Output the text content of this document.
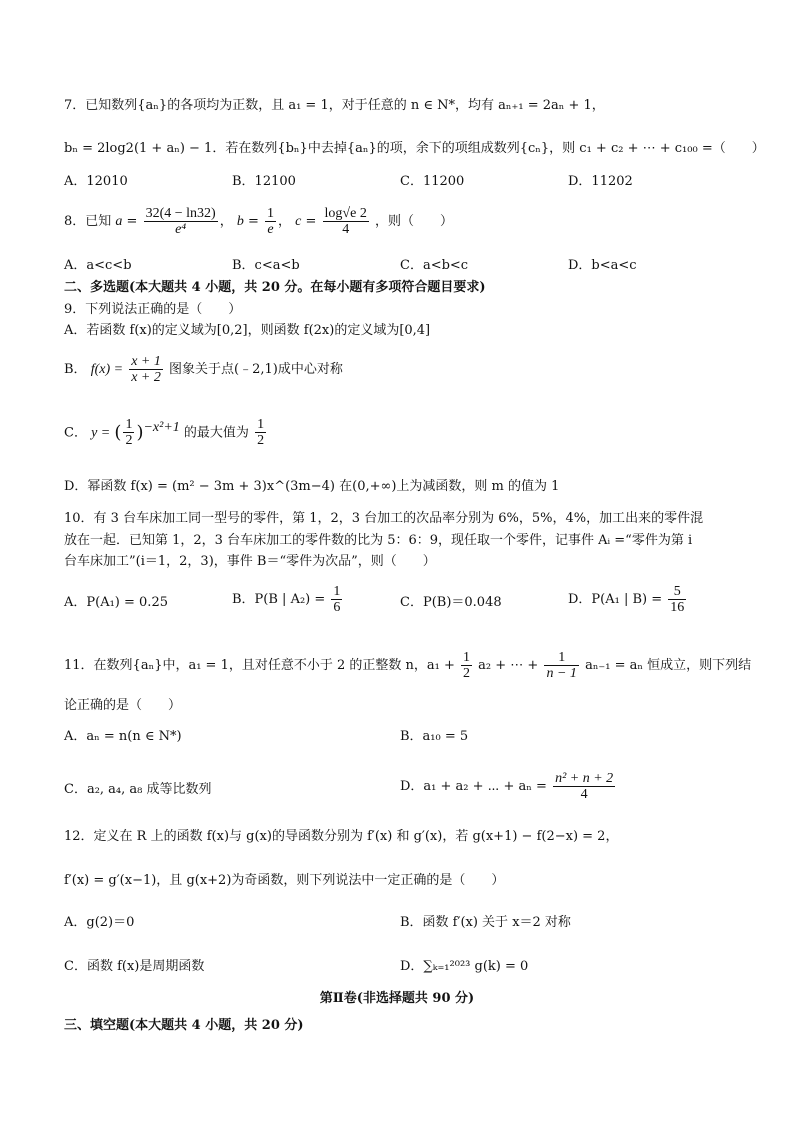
7．已知数列{aₙ}的各项均为正数，且 a₁ = 1，对于任意的 n ∈ N*，均有 aₙ₊₁ = 2aₙ + 1，
bₙ = 2log2(1 + aₙ) − 1．若在数列{bₙ}中去掉{aₙ}的项，余下的项组成数列{cₙ}，则 c₁ + c₂ + ⋯ + c₁₀₀ =（　　）
A．12010	B．12100	C．11200	D．11202
8．已知 $a = \frac{32(4 - \ln 32)}{\text{e⁴}}$ ， $b = \frac{1}{e}$ ， $c = \frac{\log√e 2}{4}$ ，则（　　）
A．a<c<b	B．c<a<b	C．a<b<c	D．b<a<c
二、多选题(本大题共 4 小题，共 20 分。在每小题有多项符合题目要求)
9．下列说法正确的是（　　）
A．若函数 f(x)的定义域为[0,2]，则函数 f(2x)的定义域为[0,4]
B． $f(x) = \frac{x + 1}{x + 2}$ 图象关于点(﹣2,1)成中心对称
C． y = ( $\frac{1}{2} )^{-x^2+1}$ 的最大值为 $\frac{1}{2}$
D．幂函数 f(x) = (m² − 3m + 3)x^(3m−4) 在(0,+∞)上为减函数，则 m 的值为 1
10．有 3 台车床加工同一型号的零件，第 1，2，3 台加工的次品率分别为 6%，5%，4%，加工出来的零件混
放在一起．已知第 1，2，3 台车床加工的零件数的比为 5：6：9，现任取一个零件，记事件 Aᵢ =“零件为第 i
台车床加工”(i＝1，2，3)，事件 B＝“零件为次品”，则（　　）
A．P(A₁) = 0.25	B．P(B | $A_2) = \frac{1}{6}$	C．P(B)＝0.048	D．P(A₁ | $B) = \frac{5}{16}$
11．在数列{aₙ}中，a₁ = 1，且对任意不小于 2 的正整数 n，$a_1 + \frac{1}{2} a_2$ + ⋯ + $\frac{1}{n - 1} a_{n-1} = a_n$ 恒成立，则下列结
论正确的是（　　）
A．aₙ = n(n ∈ N*)	B．a₁₀ = 5
C．a₂, a₄, a₈ 成等比数列	D．a₁ + a₂ + ⋯ + $a_n = \frac{\text{n² + n + 2}}{4}$
12．定义在 R 上的函数 f(x)与 g(x)的导函数分别为 f′(x) 和 g′(x)，若 g(x+1) − f(2−x) = 2，
f′(x) = g′(x−1)，且 g(x+2)为奇函数，则下列说法中一定正确的是（　　）
A．g(2)＝0	B．函数 f′(x) 关于 x＝2 对称
C．函数 f(x)是周期函数	D．∑ₖ₌₁²⁰²³ g(k) = 0
第Ⅱ卷(非选择题共 90 分)
三、填空题(本大题共 4 小题，共 20 分)
